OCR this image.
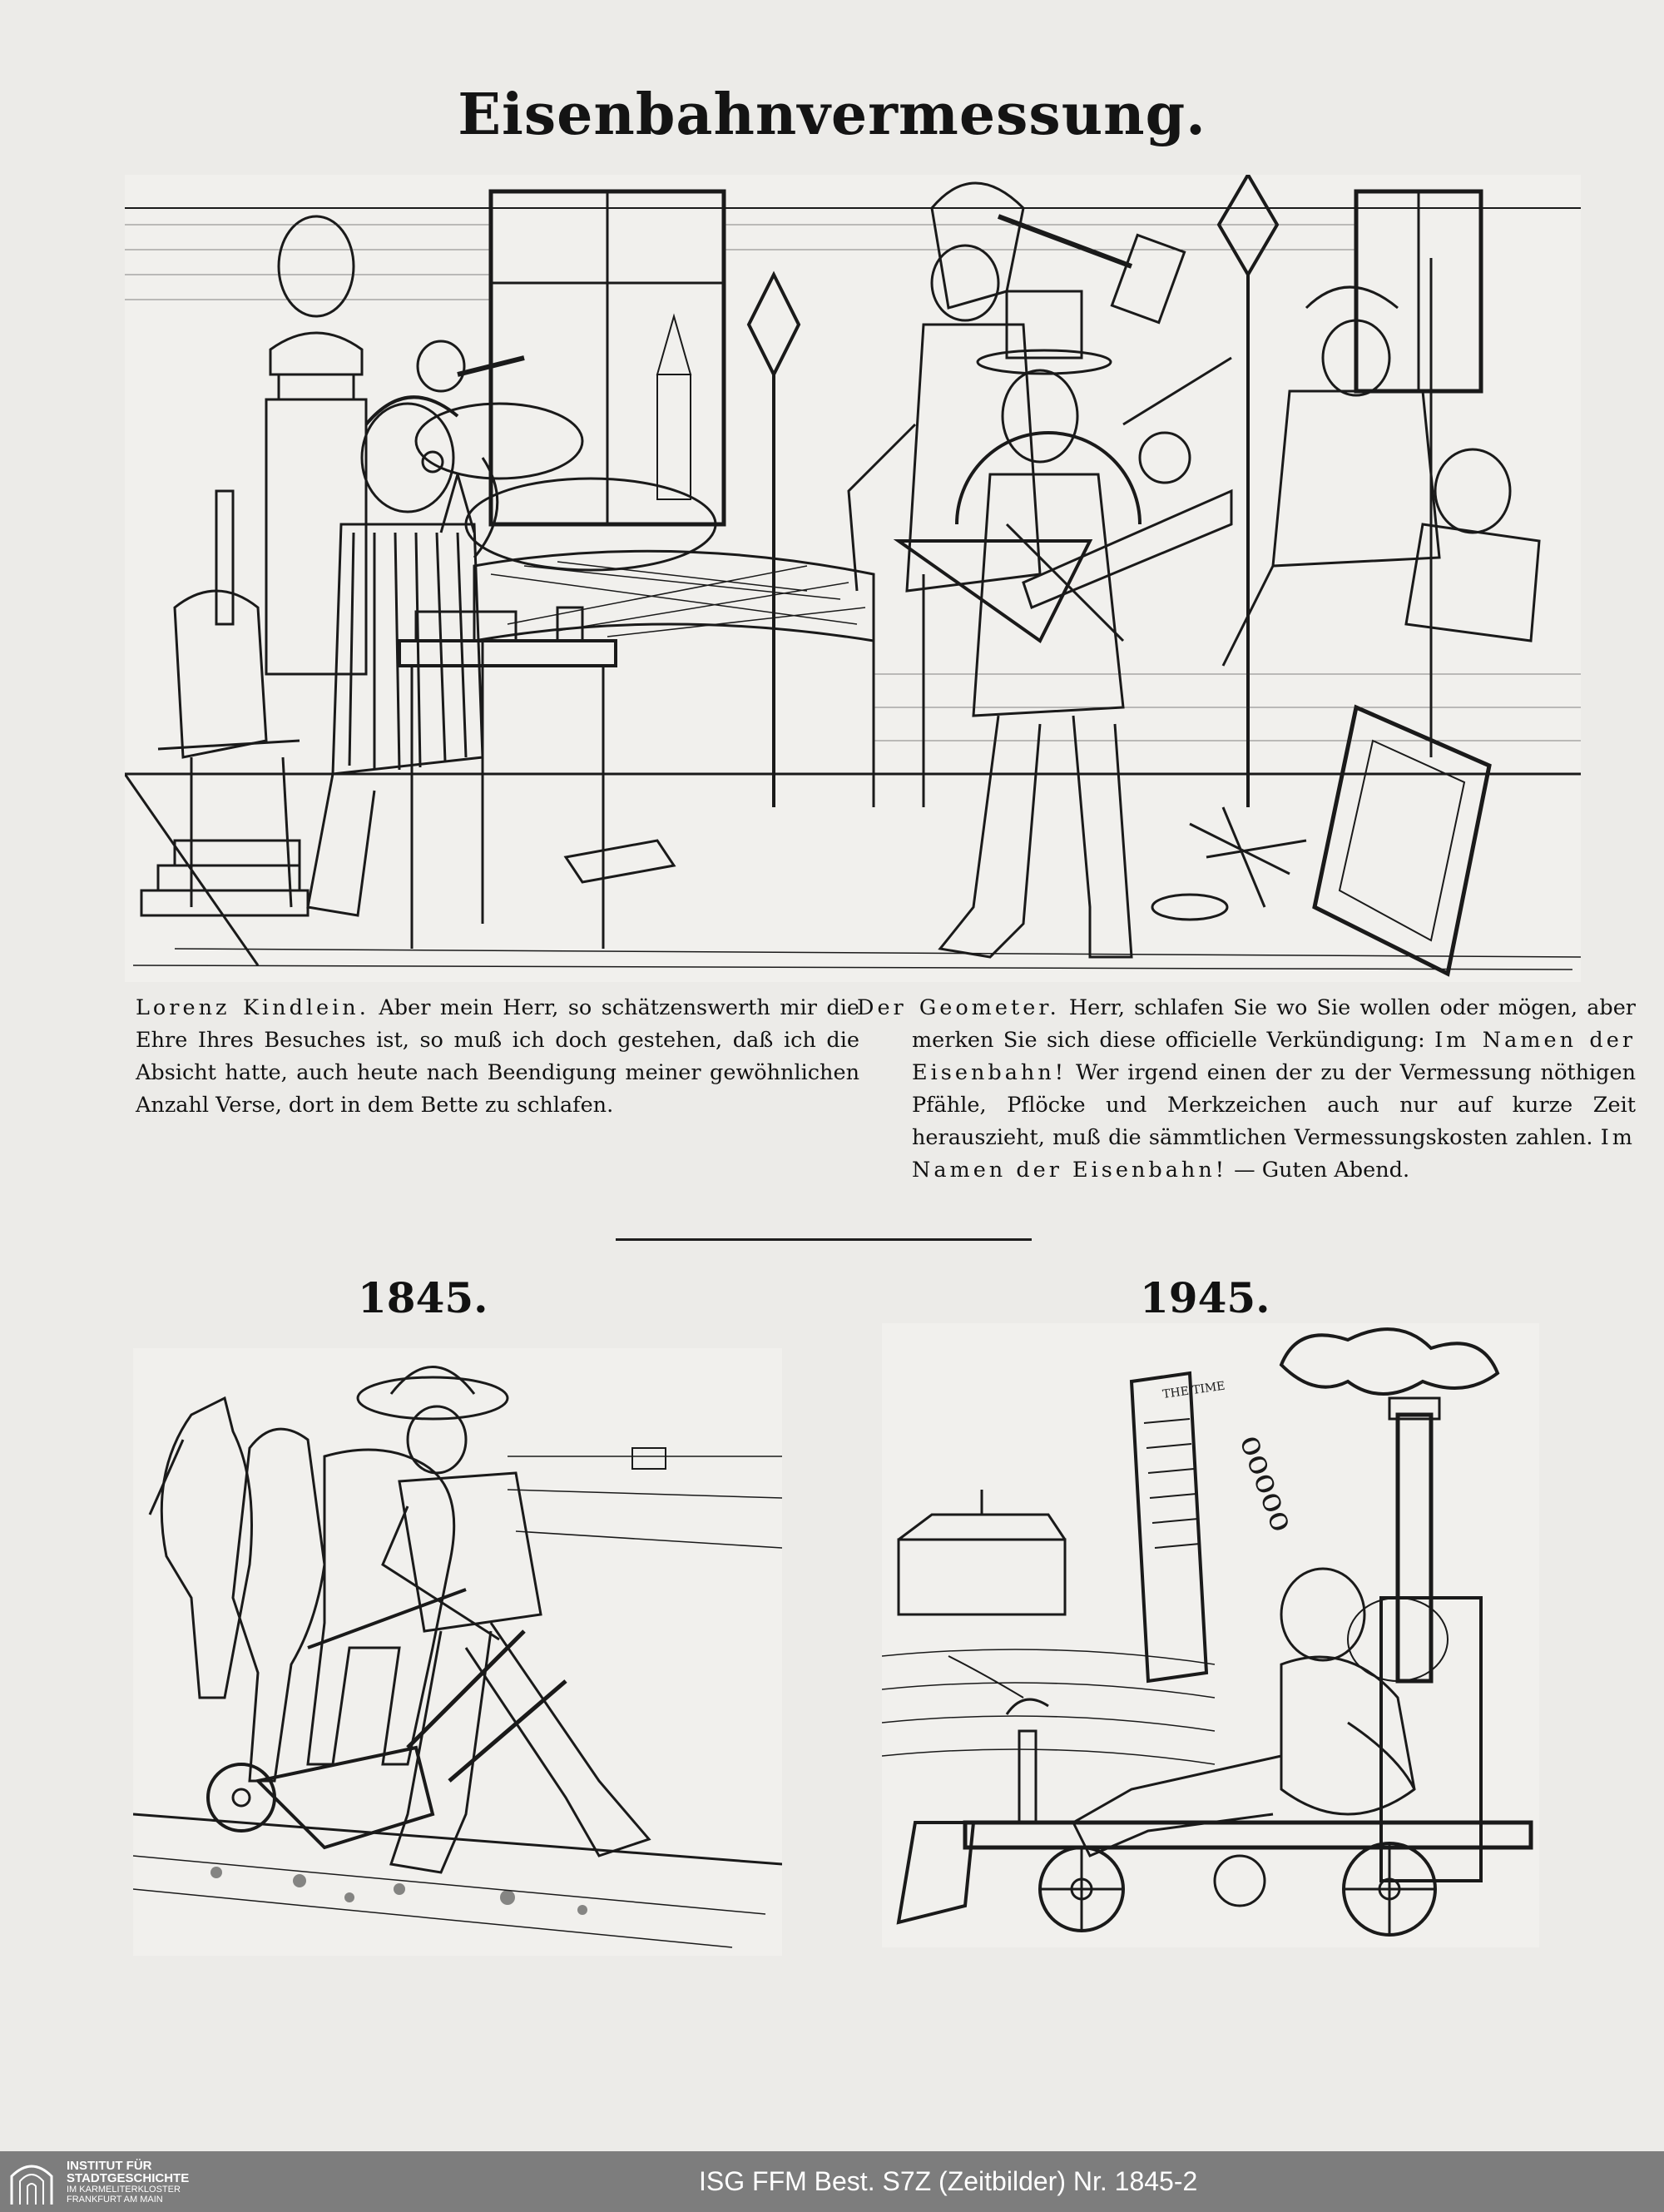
Eisenbahnvermessung.
Lorenz Kindlein. Aber mein Herr, so schätzenswerth mir die Ehre Ihres Besuches ist, so muß ich doch gestehen, daß ich die Absicht hatte, auch heute nach Beendigung meiner gewöhnlichen Anzahl Verse, dort in dem Bette zu schlafen.
Der Geometer. Herr, schlafen Sie wo Sie wollen oder mögen, aber merken Sie sich diese officielle Verkündigung: Im Namen der Eisenbahn! Wer irgend einen der zu der Vermessung nöthigen Pfähle, Pflöcke und Merkzeichen auch nur auf kurze Zeit herauszieht, muß die sämmtlichen Vermessungskosten zahlen. Im Namen der Eisenbahn! — Guten Abend.
1845.	1945.
THE TIME
ooooo
INSTITUT FÜR
STADTGESCHICHTE
IM KARMELITERKLOSTER
FRANKFURT AM MAIN
ISG FFM Best. S7Z (Zeitbilder) Nr. 1845-2
